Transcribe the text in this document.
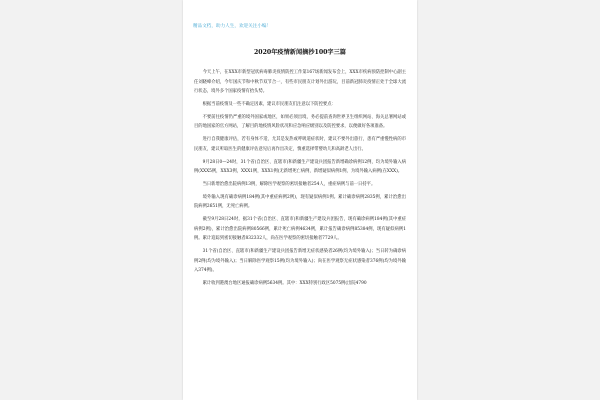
精品文档，助力人生，欢迎关注小编！
2020年疫情新闻摘抄100字三篇

今天上午，在XXX市新型冠状病毒肺炎疫情防控工作第167场新闻发布会上，XXX市疾病预防控制中心副主任刘晓峰介绍，今年国庆节和中秋节双节合一，有些市民朋友计划外出游玩，目前新冠肺炎疫情正处于全球大流行状态，境外多个国家疫情有抬头势。

根据当前疫情及一些不确定因素，建议市民朋友们注意以下防控要点：

不要前往疫情仍严重的境外国家或地区，如果必须出境，务必提前查询世界卫生组织网站、海关总署网站或目的地国家的官方网站，了解目的地疫情风险状况和应急响应级别以及防控要求，以便做好各项准备。

进行自我健康评估，若有身体不适，尤其是发热或呼吸道症状时，建议不要外出旅行，患有严重慢性病的市民朋友，建议听取医生的健康评估意见后再作出决定，慎重选择带婴幼儿和高龄老人出行。

9月28日0—24时，31个省(自治区、直辖市)和新疆生产建设兵团报告新增确诊病例12例，均为境外输入病例(XXX5例，XXX3例，XXX1例，XXX1例(无新增死亡病例，新增疑似病例1例，为境外输入病例(在XXX)。

当日新增治愈出院病例13例，解除医学观察的密切接触者254人，重症病例与前一日持平。

境外输入现有确诊病例184例(其中重症病例2例)，现有疑似病例1例。累计确诊病例2835例，累计治愈出院病例2651例，无死亡病例。

截至9月28日24时，据31个省(自治区、直辖市)和新疆生产建设兵团报告，现有确诊病例184例(其中重症病例2例)，累计治愈出院病例80566例，累计死亡病例4634例，累计报告确诊病例85384例，现有疑似病例1例。累计追踪到密切接触者832332人，尚在医学观察的密切接触者7729人。

31个省(自治区、直辖市)和新疆生产建设兵团报告新增无症状感染者26例(均为境外输入)；当日转为确诊病例2例(均为境外输入)；当日解除医学观察15例(均为境外输入)；尚在医学观察无症状感染者376例(均为境外输入374例)。

累计收到港澳台地区通报确诊病例5634例。其中：XXX特别行政区5075例(出院4790
